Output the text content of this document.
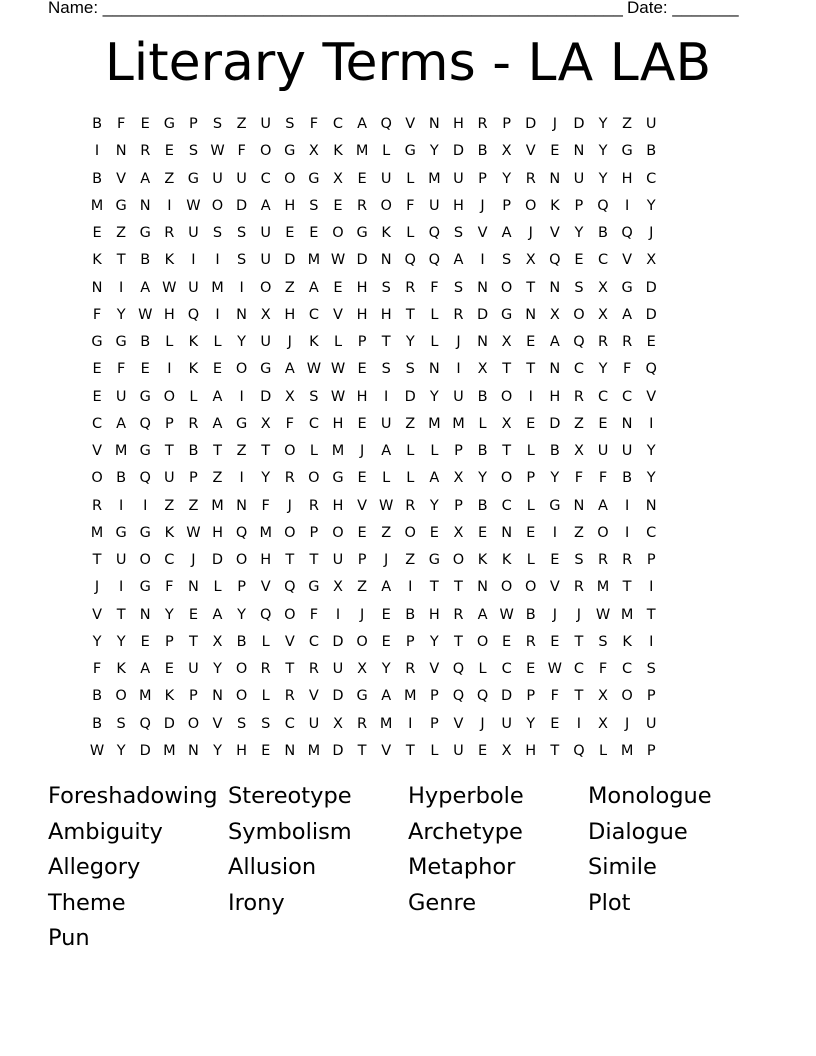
Name: _______________________________________________________ Date: _______
Literary Terms - LA LAB
B	F	E G P	S	Z U S	F	C A Q V N H R	P D	J	D Y	Z U
I	N R E	S W F O G X K M L G Y D B X V	E N Y G B
B V A Z G U U C O G X	E U	L M U P	Y	R N U Y H C
M G N	I	W O D A H S	E R O F	U H	J	P O K	P Q	I	Y
E	Z G R U S	S U E	E O G K	L Q S	V A	J	V	Y	B Q	J
K	T	B K	I	I	S U D M W D N Q Q A	I	S	X Q E C V X
N	I	A W U M	I	O Z A	E H S R	F	S N O T N S	X G D
F	Y W H Q	I	N X H C V H H T	L	R D G N X O X A D
G G B	L	K	L	Y U	J	K	L	P	T	Y	L	J	N X	E	A Q R R E
E	F	E	I	K	E O G A W W E	S	S N	I	X	T	T N C	Y	F Q
E U G O L	A	I	D X	S W H	I	D Y U B O	I	H R C C V
C A Q P	R A G X	F	C H E U Z M M L	X	E D Z	E N	I
V M G T	B	T	Z	T O L M	J	A	L	L	P	B	T	L	B X U U Y
O B Q U P	Z	I	Y	R O G E	L	L	A X	Y O P	Y	F	F	B	Y
R	I	I	Z Z M N	F	J	R H V W R	Y	P	B C	L G N A	I	N
M G G K W H Q M O P O E	Z O E	X	E N E	I	Z O	I	C
T U O C	J	D O H T	T U P	J	Z G O K	K	L	E	S R R	P
J	I	G F N	L	P	V Q G X Z A	I	T	T N O O V R M T	I
V	T N Y	E	A	Y Q O F	I	J	E	B H R A W B	J	J	W M T
Y	Y	E	P	T	X B	L	V C D O E	P	Y	T O E R E	T	S	K	I
F	K A	E U Y O R	T	R U X	Y	R V Q L	C E W C	F	C S
B O M K	P N O L	R V D G A M P Q Q D P	F	T	X O P
B	S Q D O V	S	S C U X R M	I	P	V	J	U Y	E	I	X	J	U
W Y D M N Y H E N M D T	V	T	L	U E	X H T Q L M P
Foreshadowing Stereotype	Hyperbole	Monologue
Ambiguity	Symbolism	Archetype	Dialogue
Allegory	Allusion	Metaphor	Simile
Theme	Irony	Genre	Plot
Pun
